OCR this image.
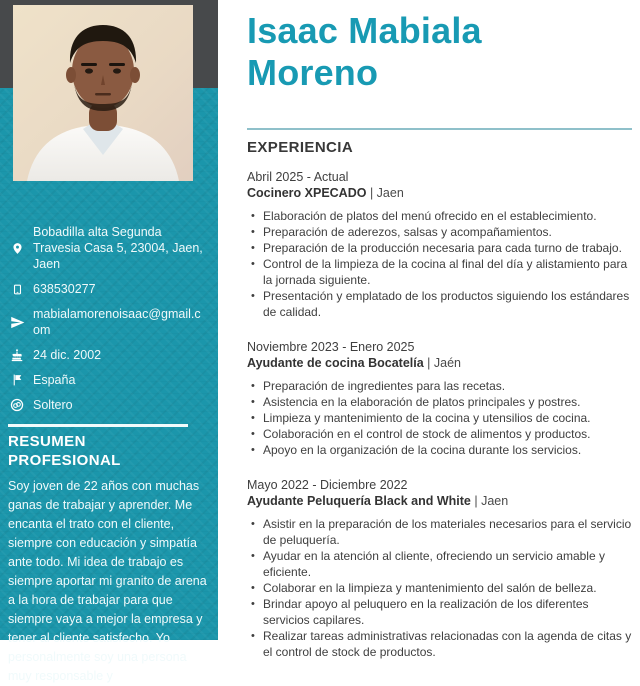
Bobadilla alta Segunda
Travesia Casa 5, 23004, Jaen,
Jaen
638530277
mabialamorenoisaac@gmail.com
24 dic. 2002
España
Soltero
RESUMEN PROFESIONAL

Soy joven de 22 años con muchas ganas de trabajar y aprender. Me encanta el trato con el cliente, siempre con educación y simpatía ante todo. Mi idea de trabajo es siempre aportar mi granito de arena a la hora de trabajar para que siempre vaya a mejor la empresa y tener al cliente satisfecho. Yo personalmente soy una persona muy responsable y

Isaac Mabiala Moreno
EXPERIENCIA
Abril 2025 - Actual
Cocinero XPECADO | Jaen
• Elaboración de platos del menú ofrecido en el establecimiento.
• Preparación de aderezos, salsas y acompañamientos.
• Preparación de la producción necesaria para cada turno de trabajo.
• Control de la limpieza de la cocina al final del día y alistamiento para la jornada siguiente.
• Presentación y emplatado de los productos siguiendo los estándares de calidad.
Noviembre 2023 - Enero 2025
Ayudante de cocina Bocatelía | Jaén
• Preparación de ingredientes para las recetas.
• Asistencia en la elaboración de platos principales y postres.
• Limpieza y mantenimiento de la cocina y utensilios de cocina.
• Colaboración en el control de stock de alimentos y productos.
• Apoyo en la organización de la cocina durante los servicios.
Mayo 2022 - Diciembre 2022
Ayudante Peluquería Black and White | Jaen
• Asistir en la preparación de los materiales necesarios para el servicio de peluquería.
• Ayudar en la atención al cliente, ofreciendo un servicio amable y eficiente.
• Colaborar en la limpieza y mantenimiento del salón de belleza.
• Brindar apoyo al peluquero en la realización de los diferentes servicios capilares.
• Realizar tareas administrativas relacionadas con la agenda de citas y el control de stock de productos.
